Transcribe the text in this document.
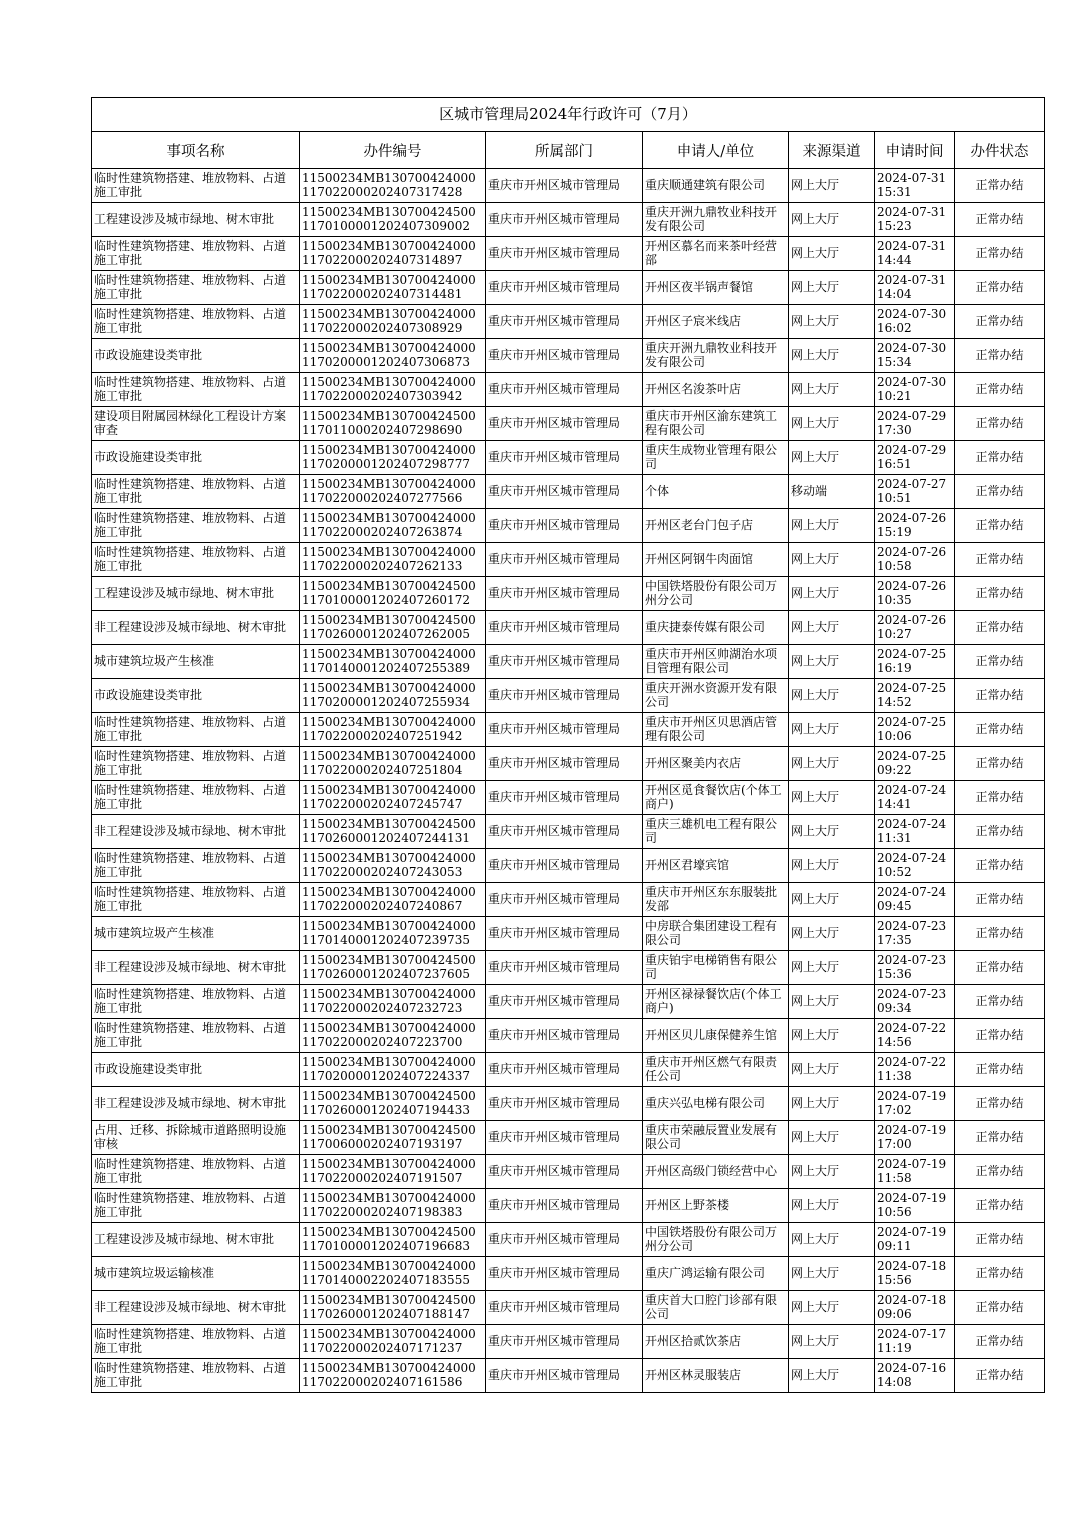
区城市管理局2024年行政许可（7月）
事项名称	办件编号	所属部门	申请人/单位	来源渠道	申请时间	办件状态
临时性建筑物搭建、堆放物料、占道施工审批	11500234MB130700424000117022000202407317428	重庆市开州区城市管理局	重庆顺通建筑有限公司	网上大厅	2024-07-31 15:31	正常办结
工程建设涉及城市绿地、树木审批	11500234MB1307004245001170100001202407309002	重庆市开州区城市管理局	重庆开洲九鼎牧业科技开发有限公司	网上大厅	2024-07-31 15:23	正常办结
临时性建筑物搭建、堆放物料、占道施工审批	11500234MB130700424000117022000202407314897	重庆市开州区城市管理局	开州区慕名而来茶叶经营部	网上大厅	2024-07-31 14:44	正常办结
临时性建筑物搭建、堆放物料、占道施工审批	11500234MB130700424000117022000202407314481	重庆市开州区城市管理局	开州区夜半锅声餐馆	网上大厅	2024-07-31 14:04	正常办结
临时性建筑物搭建、堆放物料、占道施工审批	11500234MB130700424000117022000202407308929	重庆市开州区城市管理局	开州区子宸米线店	网上大厅	2024-07-30 16:02	正常办结
市政设施建设类审批	11500234MB1307004240001170200001202407306873	重庆市开州区城市管理局	重庆开洲九鼎牧业科技开发有限公司	网上大厅	2024-07-30 15:34	正常办结
临时性建筑物搭建、堆放物料、占道施工审批	11500234MB130700424000117022000202407303942	重庆市开州区城市管理局	开州区名浚茶叶店	网上大厅	2024-07-30 10:21	正常办结
建设项目附属园林绿化工程设计方案审查	11500234MB130700424500117011000202407298690	重庆市开州区城市管理局	重庆市开州区渝东建筑工程有限公司	网上大厅	2024-07-29 17:30	正常办结
市政设施建设类审批	11500234MB1307004240001170200001202407298777	重庆市开州区城市管理局	重庆生成物业管理有限公司	网上大厅	2024-07-29 16:51	正常办结
临时性建筑物搭建、堆放物料、占道施工审批	11500234MB130700424000117022000202407277566	重庆市开州区城市管理局	个体	移动端	2024-07-27 10:51	正常办结
临时性建筑物搭建、堆放物料、占道施工审批	11500234MB130700424000117022000202407263874	重庆市开州区城市管理局	开州区老台门包子店	网上大厅	2024-07-26 15:19	正常办结
临时性建筑物搭建、堆放物料、占道施工审批	11500234MB130700424000117022000202407262133	重庆市开州区城市管理局	开州区阿钢牛肉面馆	网上大厅	2024-07-26 10:58	正常办结
工程建设涉及城市绿地、树木审批	11500234MB1307004245001170100001202407260172	重庆市开州区城市管理局	中国铁塔股份有限公司万州分公司	网上大厅	2024-07-26 10:35	正常办结
非工程建设涉及城市绿地、树木审批	11500234MB1307004245001170260001202407262005	重庆市开州区城市管理局	重庆捷泰传媒有限公司	网上大厅	2024-07-26 10:27	正常办结
城市建筑垃圾产生核准	11500234MB1307004240001170140001202407255389	重庆市开州区城市管理局	重庆市开州区帅湖治水项目管理有限公司	网上大厅	2024-07-25 16:19	正常办结
市政设施建设类审批	11500234MB1307004240001170200001202407255934	重庆市开州区城市管理局	重庆开洲水资源开发有限公司	网上大厅	2024-07-25 14:52	正常办结
临时性建筑物搭建、堆放物料、占道施工审批	11500234MB130700424000117022000202407251942	重庆市开州区城市管理局	重庆市开州区贝思酒店管理有限公司	网上大厅	2024-07-25 10:06	正常办结
临时性建筑物搭建、堆放物料、占道施工审批	11500234MB130700424000117022000202407251804	重庆市开州区城市管理局	开州区聚美内衣店	网上大厅	2024-07-25 09:22	正常办结
临时性建筑物搭建、堆放物料、占道施工审批	11500234MB130700424000117022000202407245747	重庆市开州区城市管理局	开州区觅食餐饮店(个体工商户)	网上大厅	2024-07-24 14:41	正常办结
非工程建设涉及城市绿地、树木审批	11500234MB1307004245001170260001202407244131	重庆市开州区城市管理局	重庆三雄机电工程有限公司	网上大厅	2024-07-24 11:31	正常办结
临时性建筑物搭建、堆放物料、占道施工审批	11500234MB130700424000117022000202407243053	重庆市开州区城市管理局	开州区君壕宾馆	网上大厅	2024-07-24 10:52	正常办结
临时性建筑物搭建、堆放物料、占道施工审批	11500234MB130700424000117022000202407240867	重庆市开州区城市管理局	重庆市开州区东东服装批发部	网上大厅	2024-07-24 09:45	正常办结
城市建筑垃圾产生核准	11500234MB1307004240001170140001202407239735	重庆市开州区城市管理局	中房联合集团建设工程有限公司	网上大厅	2024-07-23 17:35	正常办结
非工程建设涉及城市绿地、树木审批	11500234MB1307004245001170260001202407237605	重庆市开州区城市管理局	重庆铂宇电梯销售有限公司	网上大厅	2024-07-23 15:36	正常办结
临时性建筑物搭建、堆放物料、占道施工审批	11500234MB130700424000117022000202407232723	重庆市开州区城市管理局	开州区禄禄餐饮店(个体工商户)	网上大厅	2024-07-23 09:34	正常办结
临时性建筑物搭建、堆放物料、占道施工审批	11500234MB130700424000117022000202407223700	重庆市开州区城市管理局	开州区贝儿康保健养生馆	网上大厅	2024-07-22 14:56	正常办结
市政设施建设类审批	11500234MB1307004240001170200001202407224337	重庆市开州区城市管理局	重庆市开州区燃气有限责任公司	网上大厅	2024-07-22 11:38	正常办结
非工程建设涉及城市绿地、树木审批	11500234MB1307004245001170260001202407194433	重庆市开州区城市管理局	重庆兴弘电梯有限公司	网上大厅	2024-07-19 17:02	正常办结
占用、迁移、拆除城市道路照明设施审核	11500234MB130700424500117006000202407193197	重庆市开州区城市管理局	重庆市荣融辰置业发展有限公司	网上大厅	2024-07-19 17:00	正常办结
临时性建筑物搭建、堆放物料、占道施工审批	11500234MB130700424000117022000202407191507	重庆市开州区城市管理局	开州区高级门锁经营中心	网上大厅	2024-07-19 11:58	正常办结
临时性建筑物搭建、堆放物料、占道施工审批	11500234MB130700424000117022000202407198383	重庆市开州区城市管理局	开州区上野茶楼	网上大厅	2024-07-19 10:56	正常办结
工程建设涉及城市绿地、树木审批	11500234MB1307004245001170100001202407196683	重庆市开州区城市管理局	中国铁塔股份有限公司万州分公司	网上大厅	2024-07-19 09:11	正常办结
城市建筑垃圾运输核准	11500234MB1307004240001170140002202407183555	重庆市开州区城市管理局	重庆广鸿运输有限公司	网上大厅	2024-07-18 15:56	正常办结
非工程建设涉及城市绿地、树木审批	11500234MB1307004245001170260001202407188147	重庆市开州区城市管理局	重庆首大口腔门诊部有限公司	网上大厅	2024-07-18 09:06	正常办结
临时性建筑物搭建、堆放物料、占道施工审批	11500234MB130700424000117022000202407171237	重庆市开州区城市管理局	开州区拾贰饮茶店	网上大厅	2024-07-17 11:19	正常办结
临时性建筑物搭建、堆放物料、占道施工审批	11500234MB130700424000117022000202407161586	重庆市开州区城市管理局	开州区林灵服装店	网上大厅	2024-07-16 14:08	正常办结
